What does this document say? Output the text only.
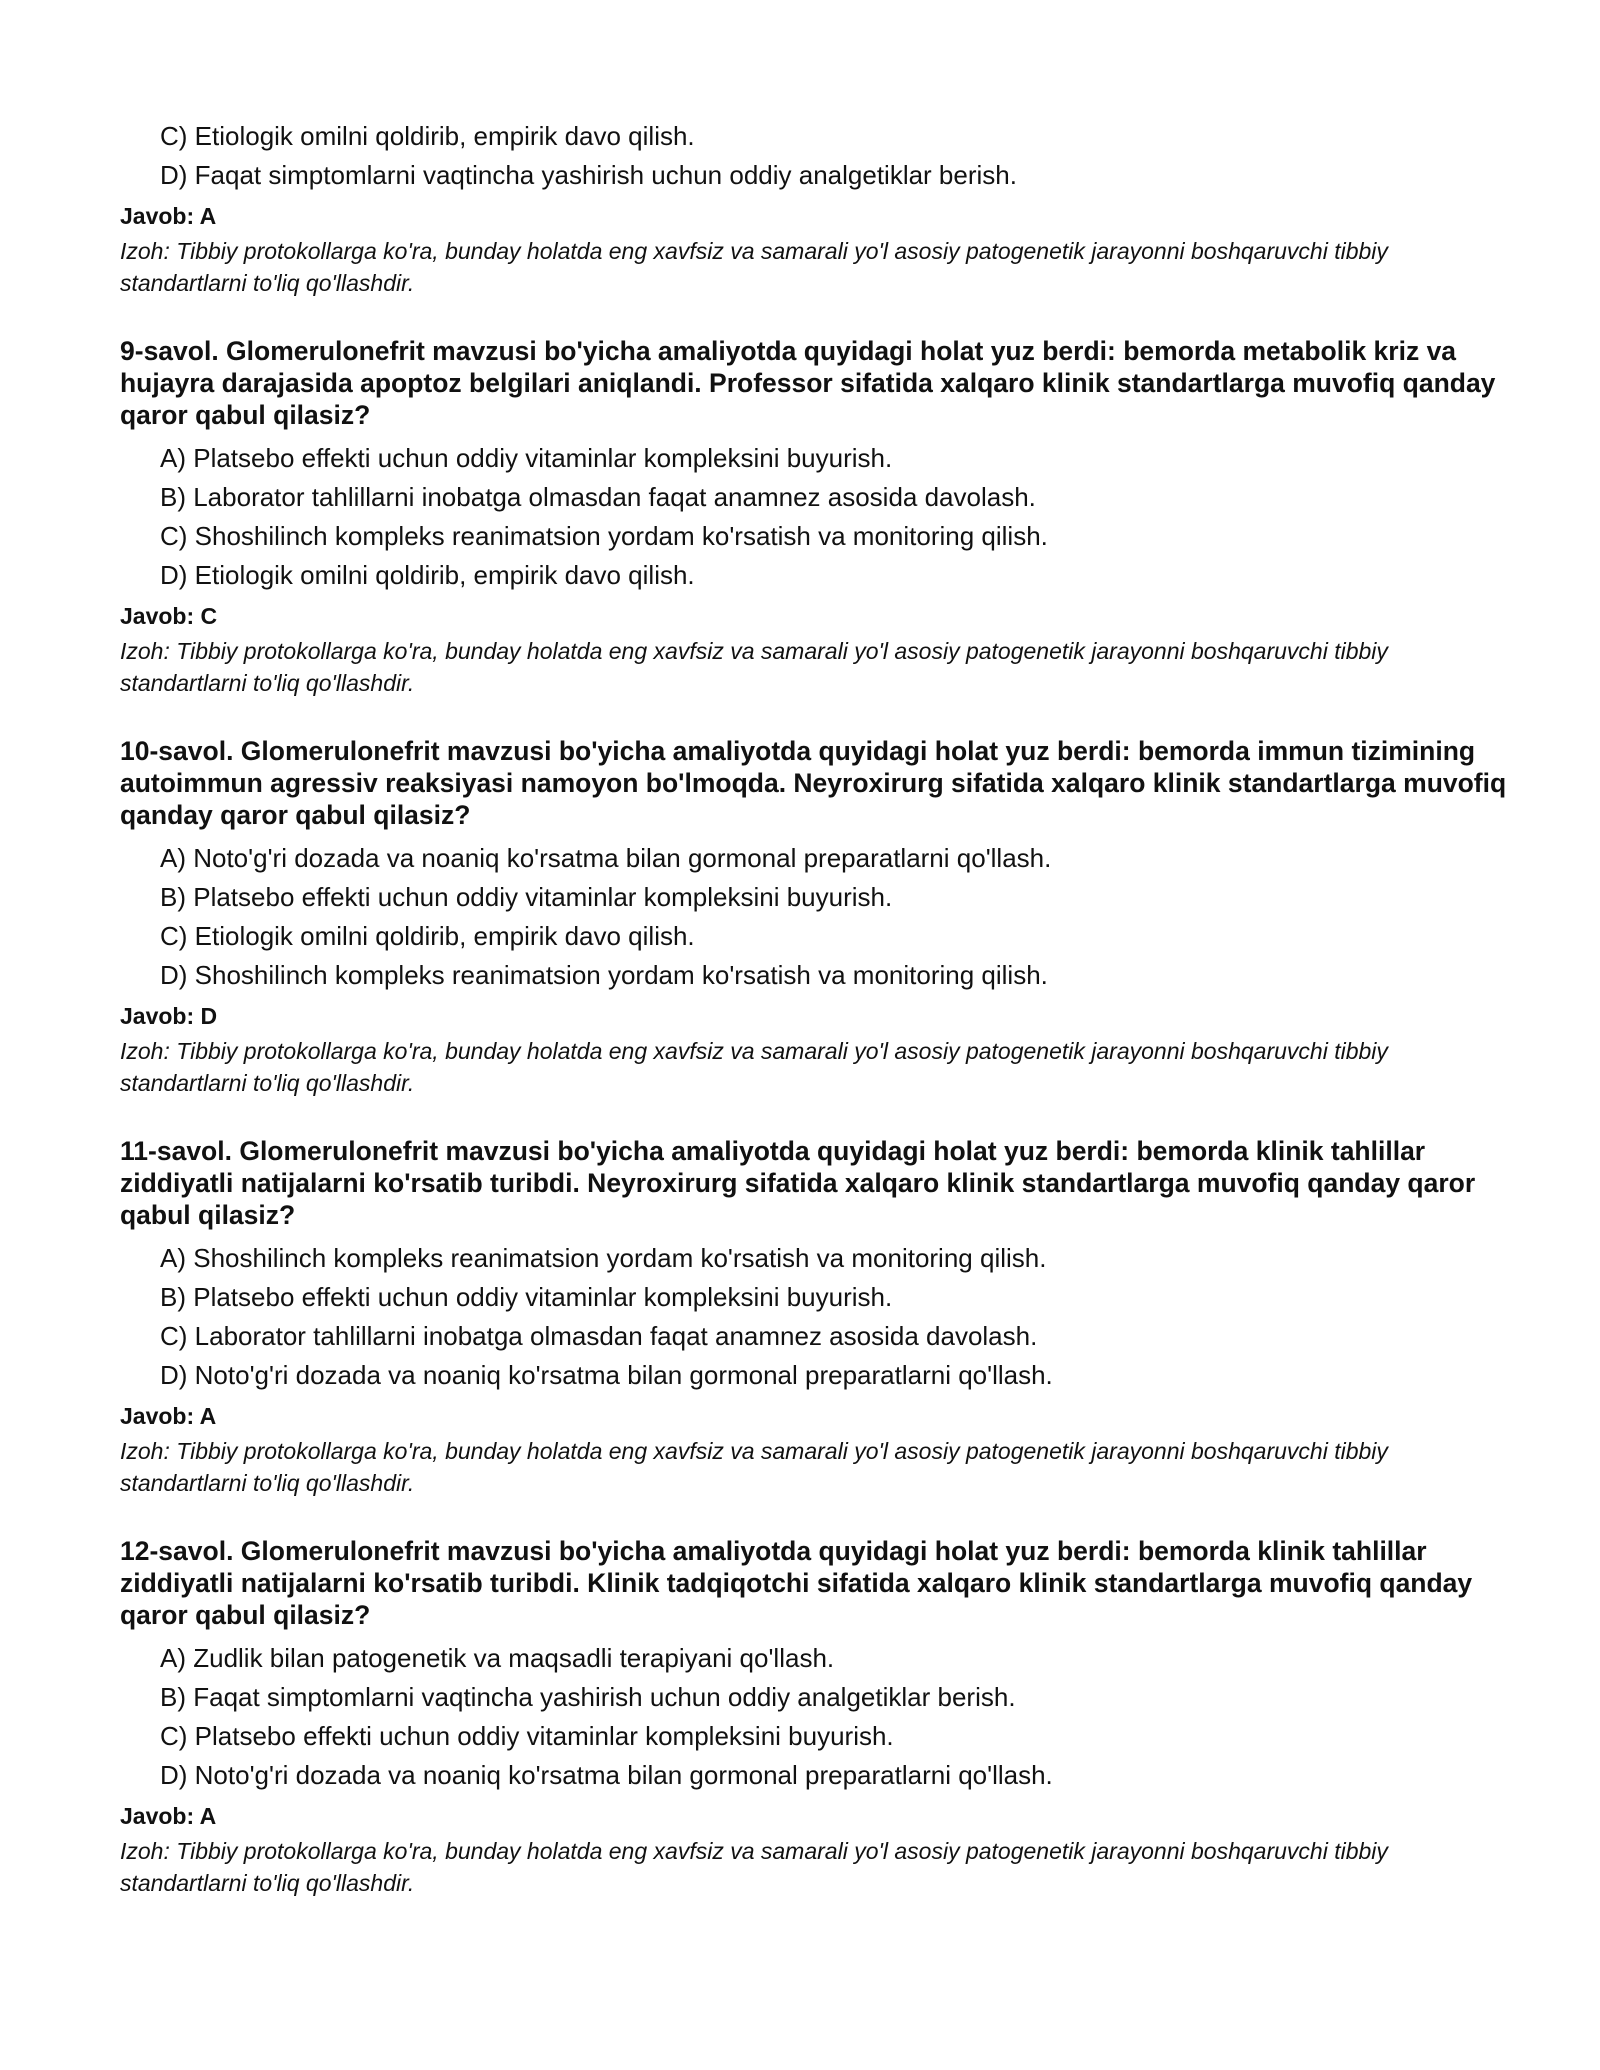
C) Etiologik omilni qoldirib, empirik davo qilish.
D) Faqat simptomlarni vaqtincha yashirish uchun oddiy analgetiklar berish.
Javob: A
Izoh: Tibbiy protokollarga ko'ra, bunday holatda eng xavfsiz va samarali yo'l asosiy patogenetik jarayonni boshqaruvchi tibbiy standartlarni to'liq qo'llashdir.
9-savol. Glomerulonefrit mavzusi bo'yicha amaliyotda quyidagi holat yuz berdi: bemorda metabolik kriz va hujayra darajasida apoptoz belgilari aniqlandi. Professor sifatida xalqaro klinik standartlarga muvofiq qanday qaror qabul qilasiz?
A) Platsebo effekti uchun oddiy vitaminlar kompleksini buyurish.
B) Laborator tahlillarni inobatga olmasdan faqat anamnez asosida davolash.
C) Shoshilinch kompleks reanimatsion yordam ko'rsatish va monitoring qilish.
D) Etiologik omilni qoldirib, empirik davo qilish.
Javob: C
Izoh: Tibbiy protokollarga ko'ra, bunday holatda eng xavfsiz va samarali yo'l asosiy patogenetik jarayonni boshqaruvchi tibbiy standartlarni to'liq qo'llashdir.
10-savol. Glomerulonefrit mavzusi bo'yicha amaliyotda quyidagi holat yuz berdi: bemorda immun tizimining autoimmun agressiv reaksiyasi namoyon bo'lmoqda. Neyroxirurg sifatida xalqaro klinik standartlarga muvofiq qanday qaror qabul qilasiz?
A) Noto'g'ri dozada va noaniq ko'rsatma bilan gormonal preparatlarni qo'llash.
B) Platsebo effekti uchun oddiy vitaminlar kompleksini buyurish.
C) Etiologik omilni qoldirib, empirik davo qilish.
D) Shoshilinch kompleks reanimatsion yordam ko'rsatish va monitoring qilish.
Javob: D
Izoh: Tibbiy protokollarga ko'ra, bunday holatda eng xavfsiz va samarali yo'l asosiy patogenetik jarayonni boshqaruvchi tibbiy standartlarni to'liq qo'llashdir.
11-savol. Glomerulonefrit mavzusi bo'yicha amaliyotda quyidagi holat yuz berdi: bemorda klinik tahlillar ziddiyatli natijalarni ko'rsatib turibdi. Neyroxirurg sifatida xalqaro klinik standartlarga muvofiq qanday qaror qabul qilasiz?
A) Shoshilinch kompleks reanimatsion yordam ko'rsatish va monitoring qilish.
B) Platsebo effekti uchun oddiy vitaminlar kompleksini buyurish.
C) Laborator tahlillarni inobatga olmasdan faqat anamnez asosida davolash.
D) Noto'g'ri dozada va noaniq ko'rsatma bilan gormonal preparatlarni qo'llash.
Javob: A
Izoh: Tibbiy protokollarga ko'ra, bunday holatda eng xavfsiz va samarali yo'l asosiy patogenetik jarayonni boshqaruvchi tibbiy standartlarni to'liq qo'llashdir.
12-savol. Glomerulonefrit mavzusi bo'yicha amaliyotda quyidagi holat yuz berdi: bemorda klinik tahlillar ziddiyatli natijalarni ko'rsatib turibdi. Klinik tadqiqotchi sifatida xalqaro klinik standartlarga muvofiq qanday qaror qabul qilasiz?
A) Zudlik bilan patogenetik va maqsadli terapiyani qo'llash.
B) Faqat simptomlarni vaqtincha yashirish uchun oddiy analgetiklar berish.
C) Platsebo effekti uchun oddiy vitaminlar kompleksini buyurish.
D) Noto'g'ri dozada va noaniq ko'rsatma bilan gormonal preparatlarni qo'llash.
Javob: A
Izoh: Tibbiy protokollarga ko'ra, bunday holatda eng xavfsiz va samarali yo'l asosiy patogenetik jarayonni boshqaruvchi tibbiy standartlarni to'liq qo'llashdir.
